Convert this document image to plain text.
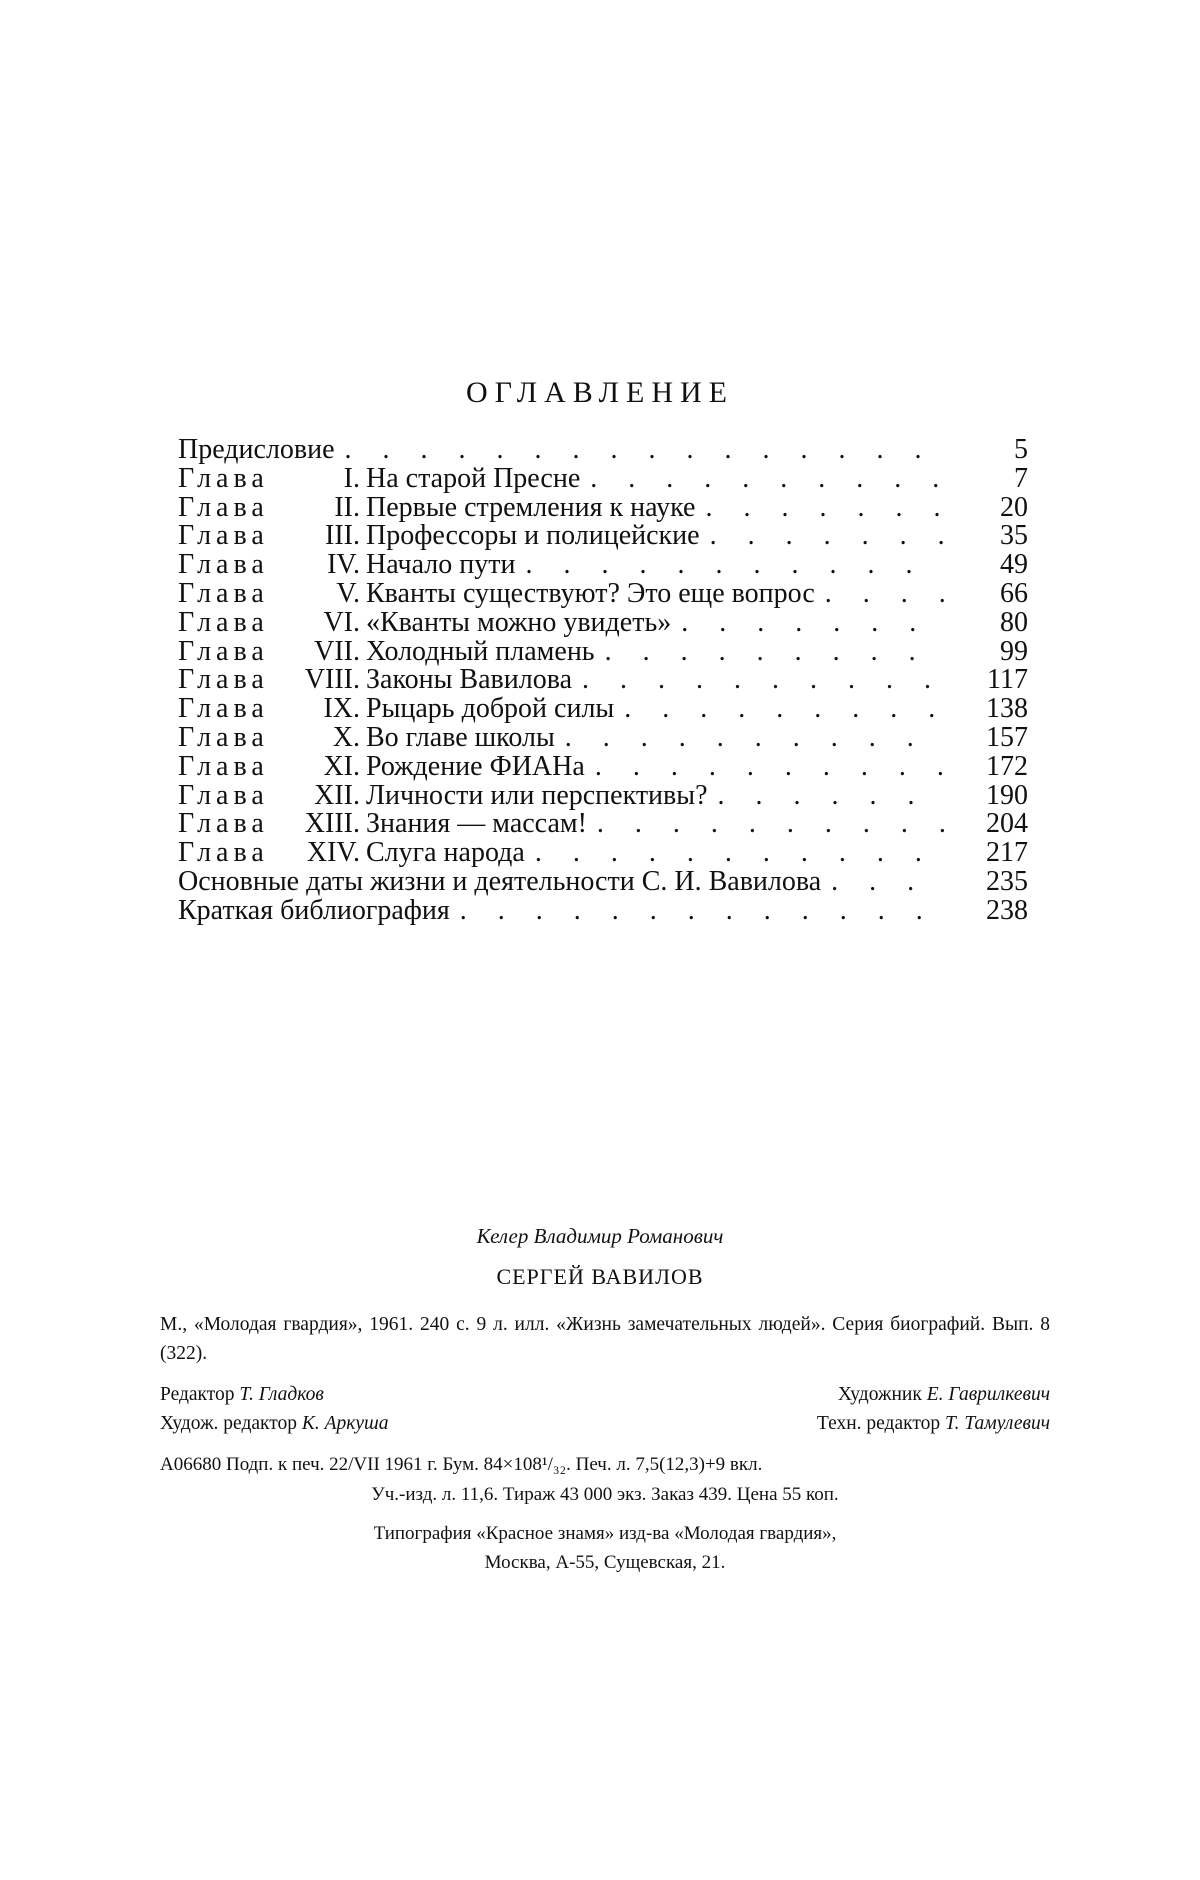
ОГЛАВЛЕНИЕ
Предисловие . . . . . . . . . . . . . . . .	5
Глава	I. На старой Пресне . . . . . . . . .	7
Глава II. Первые стремления к науке . . . . . .	20
Глава III. Профессоры и полицейские . . . . . .	35
Глава IV. Начало пути . . . . . . . . . . .	49
Глава V. Кванты существуют? Это еще вопрос . . .	66
Глава VI. «Кванты можно увидеть» . . . . . . .	80
Глава VII. Холодный пламень . . . . . . . . .	99
Глава VIII. Законы Вавилова . . . . . . . . . .	117
Глава IX. Рыцарь доброй силы . . . . . . . .	138
Глава X. Во главе школы . . . . . . . . . .	157
Глава XI. Рождение ФИАНа . . . . . . . . .	172
Глава XII. Личности или перспективы? . . . . . .	190
Глава XIII. Знания — массам! . . . . . . . . .	204
Глава XIV. Слуга народа . . . . . . . . . . .	217
Основные даты жизни и деятельности С. И. Вавилова . . .	235
Краткая библиография . . . . . . . . . . . . .	238
Келер Владимир Романович
СЕРГЕЙ ВАВИЛОВ
М., «Молодая гвардия», 1961. 240 с. 9 л. илл. «Жизнь замечательных людей». Серия биографий. Вып. 8 (322).
Редактор Т. Гладков	Художник Е. Гаврилкевич
Худож. редактор К. Аркуша	Техн. редактор Т. Тамулевич
А06680 Подп. к печ. 22/VII 1961 г. Бум. 84×108¹/₃₂. Печ. л. 7,5(12,3)+9 вкл.
Уч.-изд. л. 11,6. Тираж 43 000 экз. Заказ 439. Цена 55 коп.
Типография «Красное знамя» изд-ва «Молодая гвардия»,
Москва, А-55, Сущевская, 21.
